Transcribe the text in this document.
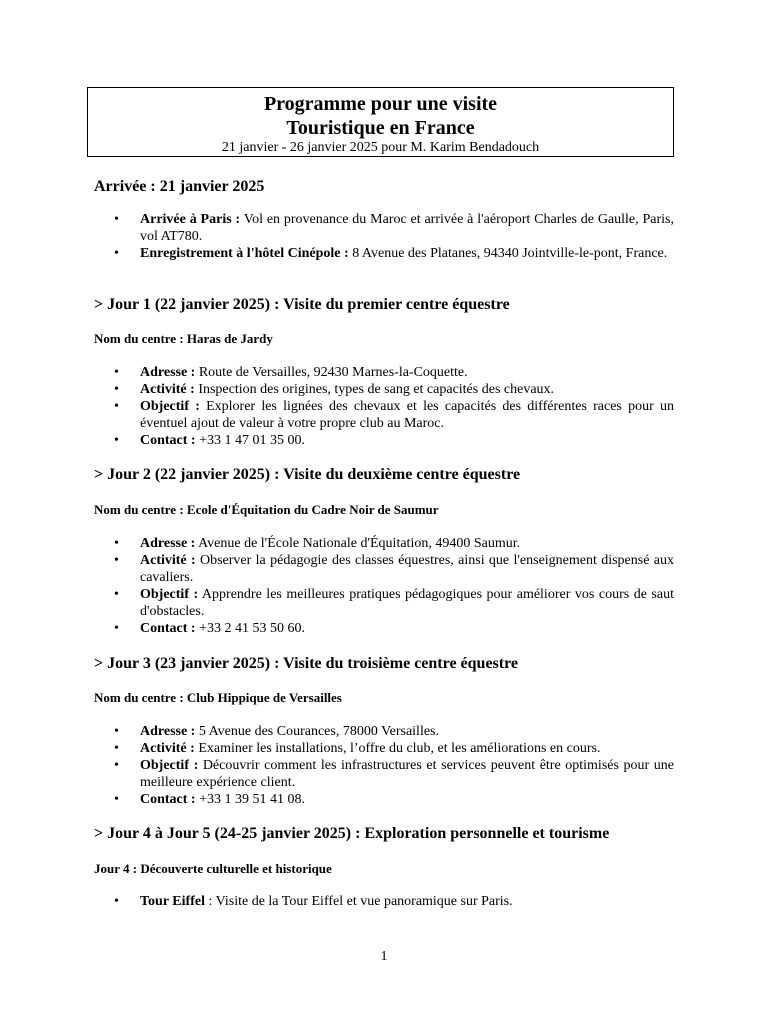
Programme pour une visite
Touristique en France
21 janvier - 26 janvier 2025 pour M. Karim Bendadouch
Arrivée : 21 janvier 2025
• Arrivée à Paris : Vol en provenance du Maroc et arrivée à l'aéroport Charles de Gaulle, Paris, vol AT780.
• Enregistrement à l'hôtel Cinépole : 8 Avenue des Platanes, 94340 Jointville-le-pont, France.
> Jour 1 (22 janvier 2025) : Visite du premier centre équestre
Nom du centre : Haras de Jardy
• Adresse : Route de Versailles, 92430 Marnes-la-Coquette.
• Activité : Inspection des origines, types de sang et capacités des chevaux.
• Objectif : Explorer les lignées des chevaux et les capacités des différentes races pour un éventuel ajout de valeur à votre propre club au Maroc.
• Contact : +33 1 47 01 35 00.
> Jour 2 (22 janvier 2025) : Visite du deuxième centre équestre
Nom du centre : Ecole d'Équitation du Cadre Noir de Saumur
• Adresse : Avenue de l'École Nationale d'Équitation, 49400 Saumur.
• Activité : Observer la pédagogie des classes équestres, ainsi que l'enseignement dispensé aux cavaliers.
• Objectif : Apprendre les meilleures pratiques pédagogiques pour améliorer vos cours de saut d'obstacles.
• Contact : +33 2 41 53 50 60.
> Jour 3 (23 janvier 2025) : Visite du troisième centre équestre
Nom du centre : Club Hippique de Versailles
• Adresse : 5 Avenue des Courances, 78000 Versailles.
• Activité : Examiner les installations, l’offre du club, et les améliorations en cours.
• Objectif : Découvrir comment les infrastructures et services peuvent être optimisés pour une meilleure expérience client.
• Contact : +33 1 39 51 41 08.
> Jour 4 à Jour 5 (24-25 janvier 2025) : Exploration personnelle et tourisme
Jour 4 : Découverte culturelle et historique
• Tour Eiffel : Visite de la Tour Eiffel et vue panoramique sur Paris.
1
